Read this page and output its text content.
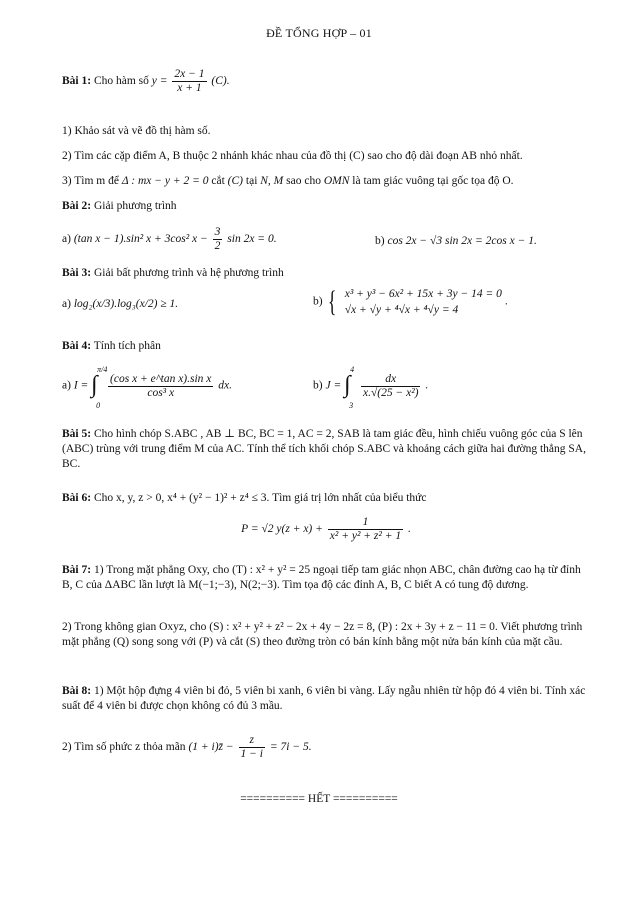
ĐỀ TỔNG HỢP – 01
Bài 1: Cho hàm số $y = \frac{2x - 1}{x + 1} (C)$.
1) Khảo sát và vẽ đồ thị hàm số.
2) Tìm các cặp điểm A, B thuộc 2 nhánh khác nhau của đồ thị (C) sao cho độ dài đoạn AB nhỏ nhất.
3) Tìm m để Δ : mx − y + 2 = 0 cắt (C) tại N, M sao cho OMN là tam giác vuông tại gốc tọa độ O.
Bài 2: Giải phương trình
a) (tan x − 1).sin² x + 3cos² $x - \frac{3}{2}$ sin 2x = 0.	b) cos 2x − √3 sin 2x = 2cos x − 1.
Bài 3: Giải bất phương trình và hệ phương trình
a) log₂(x/3).log₃(x/2) ≥ 1.	b) { x³ + y³ − 6x² + 15x + 3y − 14 = 0
√x + √y + ⁴√x + ⁴√y = 4
.
Bài 4: Tính tích phân
a) I = ∫
π/4
0

$\frac{\text{(cos x + e\textasciicircum{}tan x).sin x}}{\text{cos³ x}}$ dx.	b) J = ∫
4
3

$\frac{dx}{\text{x.√(25 − x²)}}$ .
Bài 5: Cho hình chóp S.ABC , AB ⊥ BC, BC = 1, AC = 2, SAB là tam giác đều, hình chiếu vuông góc của S lên (ABC) trùng với trung điểm M của AC. Tính thể tích khối chóp S.ABC và khoảng cách giữa hai đường thẳng SA, BC.
Bài 6: Cho x, y, z > 0, x⁴ + (y² − 1)² + z⁴ ≤ 3. Tìm giá trị lớn nhất của biểu thức
P = √2 $y(z + x) + \frac{1}{\text{x² + y² + z² + 1}}$ .
Bài 7: 1) Trong mặt phẳng Oxy, cho (T) : x² + y² = 25 ngoại tiếp tam giác nhọn ABC, chân đường cao hạ từ đỉnh B, C của ΔABC lần lượt là M(−1;−3), N(2;−3). Tìm tọa độ các đỉnh A, B, C biết A có tung độ dương.
2) Trong không gian Oxyz, cho (S) : x² + y² + z² − 2x + 4y − 2z = 8, (P) : 2x + 3y + z − 11 = 0. Viết phương trình mặt phẳng (Q) song song với (P) và cắt (S) theo đường tròn có bán kính bằng một nửa bán kính của mặt cầu.
Bài 8: 1) Một hộp đựng 4 viên bi đỏ, 5 viên bi xanh, 6 viên bi vàng. Lấy ngẫu nhiên từ hộp đó 4 viên bi. Tính xác suất để 4 viên bi được chọn không có đủ 3 mầu.
2) Tìm số phức z thỏa mãn (1 + i)z̄ − $\frac{z}{1 - i} = 7i - 5$.
========== HẾT ==========
